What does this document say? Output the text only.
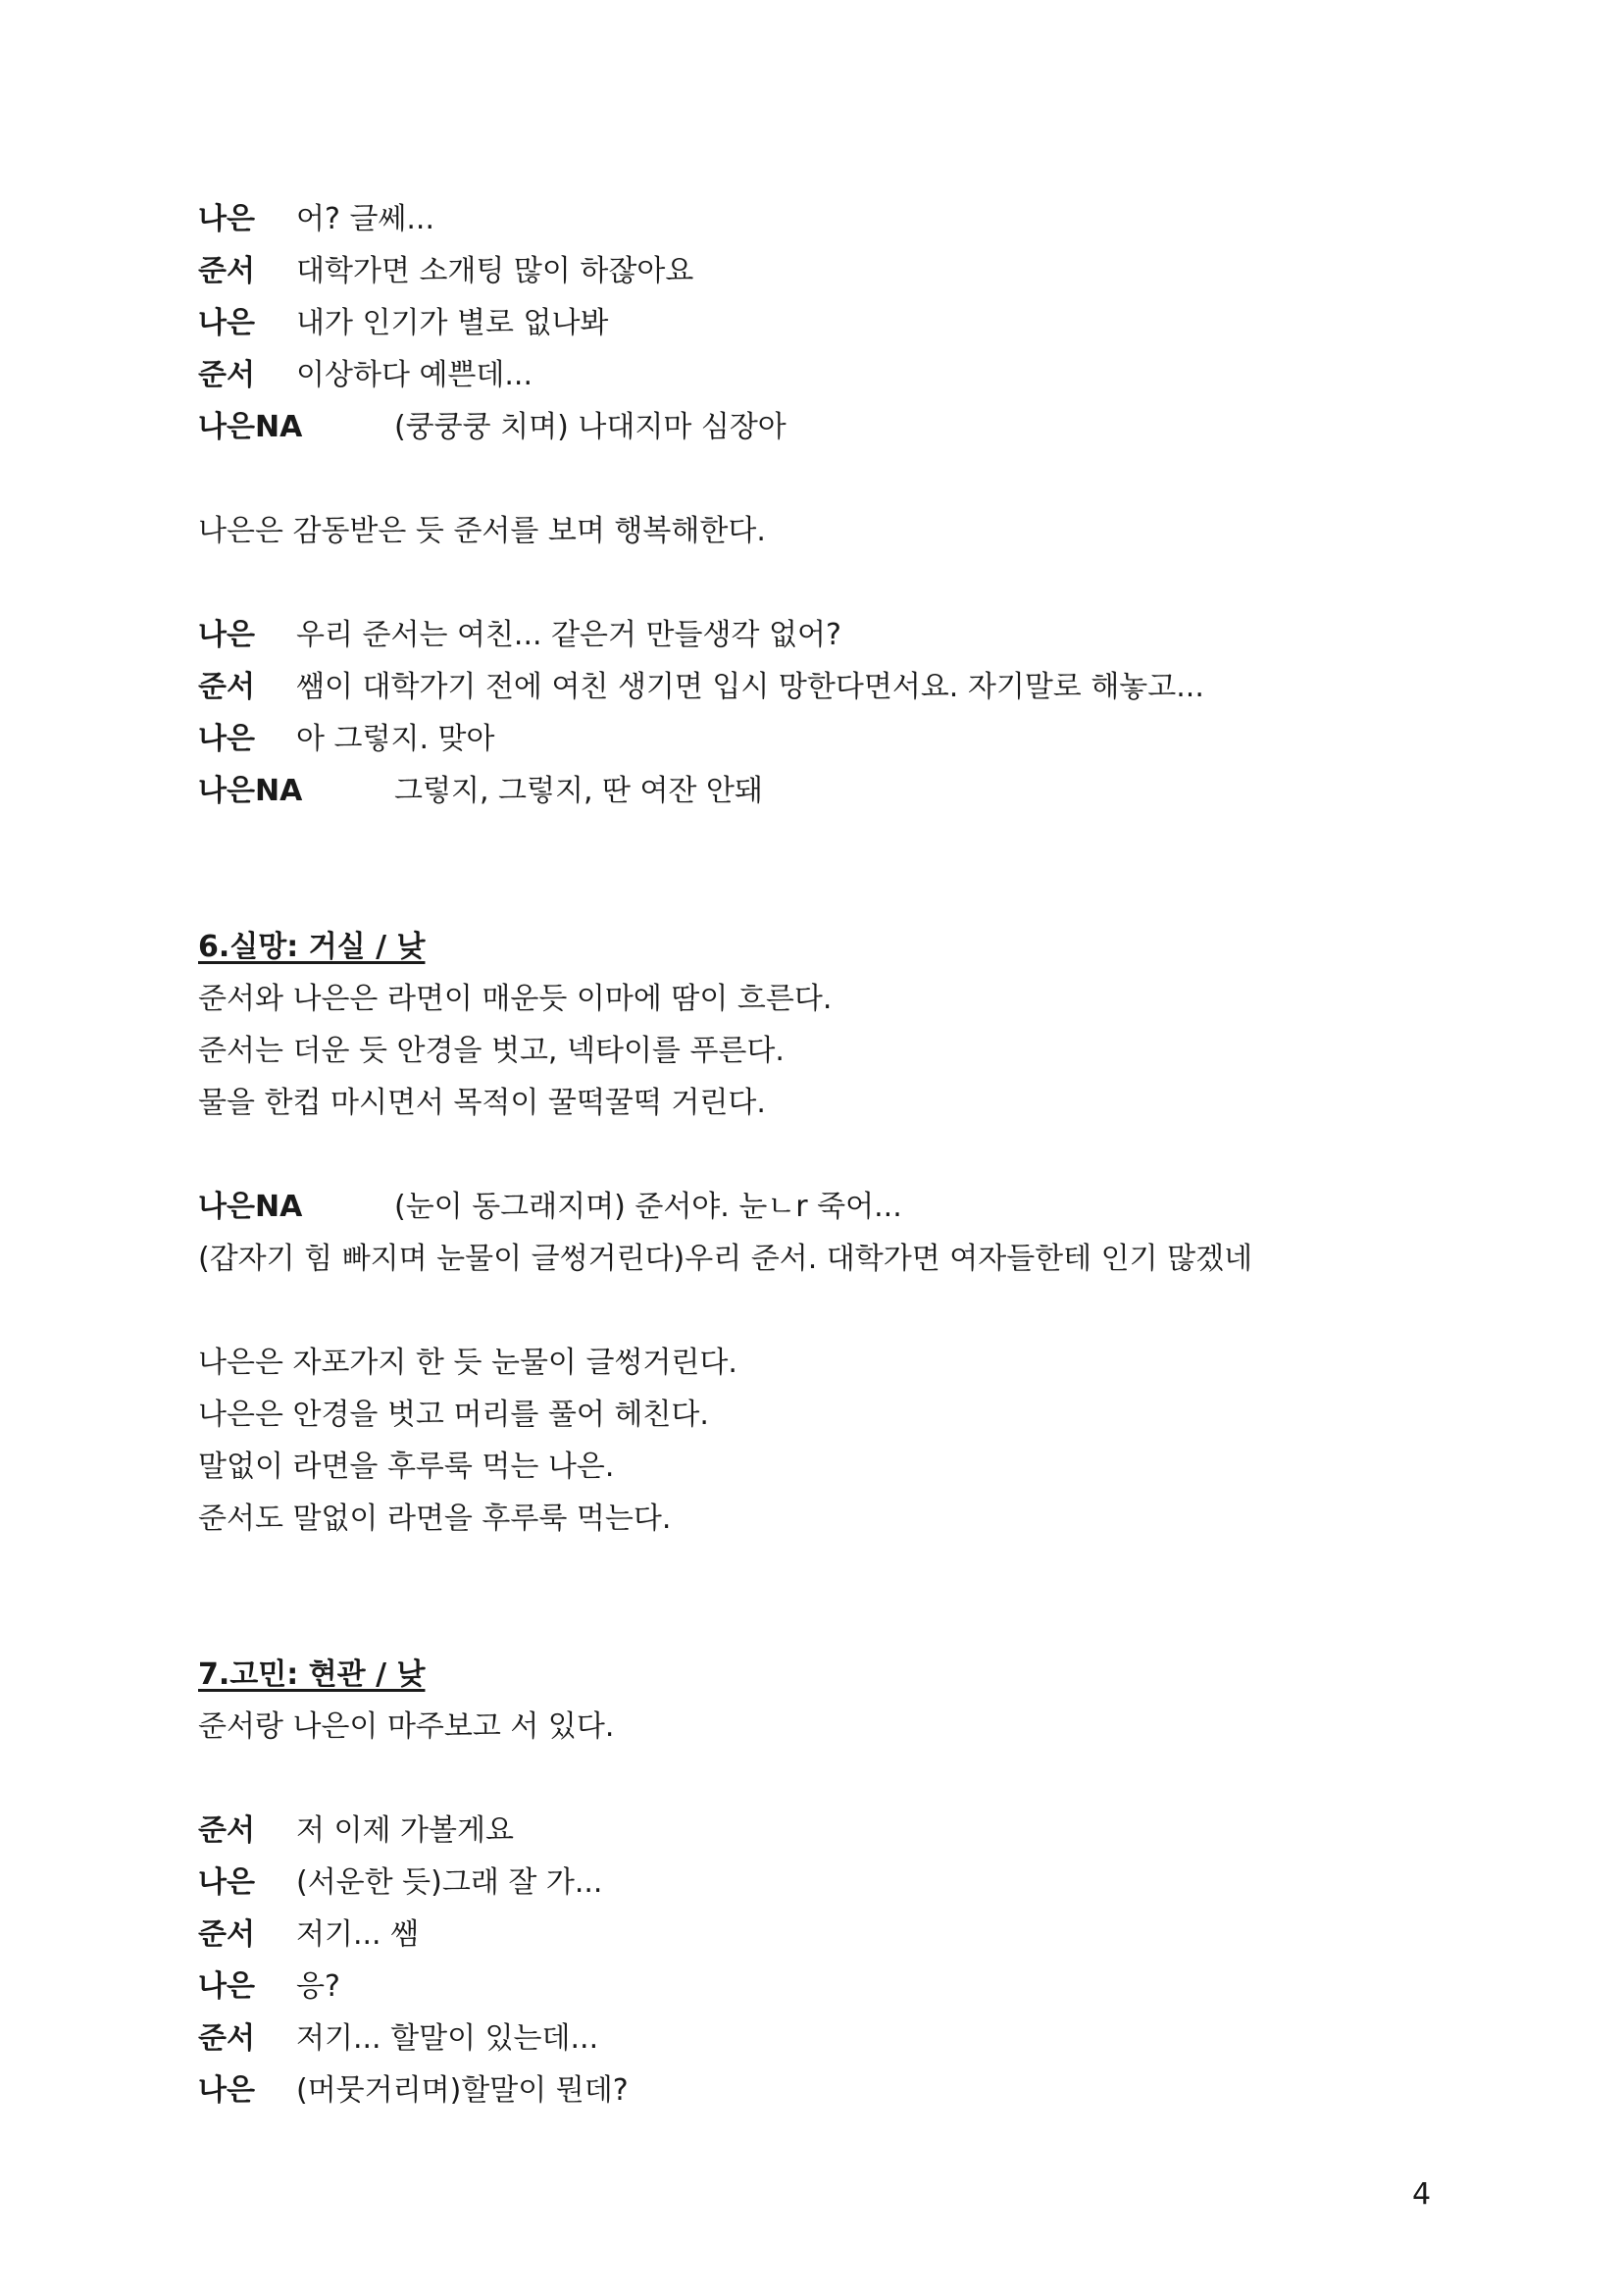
나은 어? 글쎄...
준서 대학가면 소개팅 많이 하잖아요
나은 내가 인기가 별로 없나봐
준서 이상하다 예쁜데...
나은NA	(쿵쿵쿵 치며) 나대지마 심장아
나은은 감동받은 듯 준서를 보며 행복해한다.
나은 우리 준서는 여친... 같은거 만들생각 없어?
준서 쌤이 대학가기 전에 여친 생기면 입시 망한다면서요. 자기말로 해놓고...
나은 아 그렇지. 맞아
나은NA	그렇지, 그렇지, 딴 여잔 안돼
6.실망: 거실 / 낮
준서와 나은은 라면이 매운듯 이마에 땀이 흐른다.
준서는 더운 듯 안경을 벗고, 넥타이를 푸른다.
물을 한컵 마시면서 목적이 꿀떡꿀떡 거린다.
나은NA	(눈이 동그래지며) 준서야. 눈ㄴr 죽어...
(갑자기 힘 빠지며 눈물이 글썽거린다)우리 준서. 대학가면 여자들한테 인기 많겠네
나은은 자포가지 한 듯 눈물이 글썽거린다.
나은은 안경을 벗고 머리를 풀어 헤친다.
말없이 라면을 후루룩 먹는 나은.
준서도 말없이 라면을 후루룩 먹는다.
7.고민: 현관 / 낮
준서랑 나은이 마주보고 서 있다.
준서 저 이제 가볼게요
나은 (서운한 듯)그래 잘 가...
준서 저기... 쌤
나은 응?
준서 저기... 할말이 있는데...
나은 (머뭇거리며)할말이 뭔데?
4
